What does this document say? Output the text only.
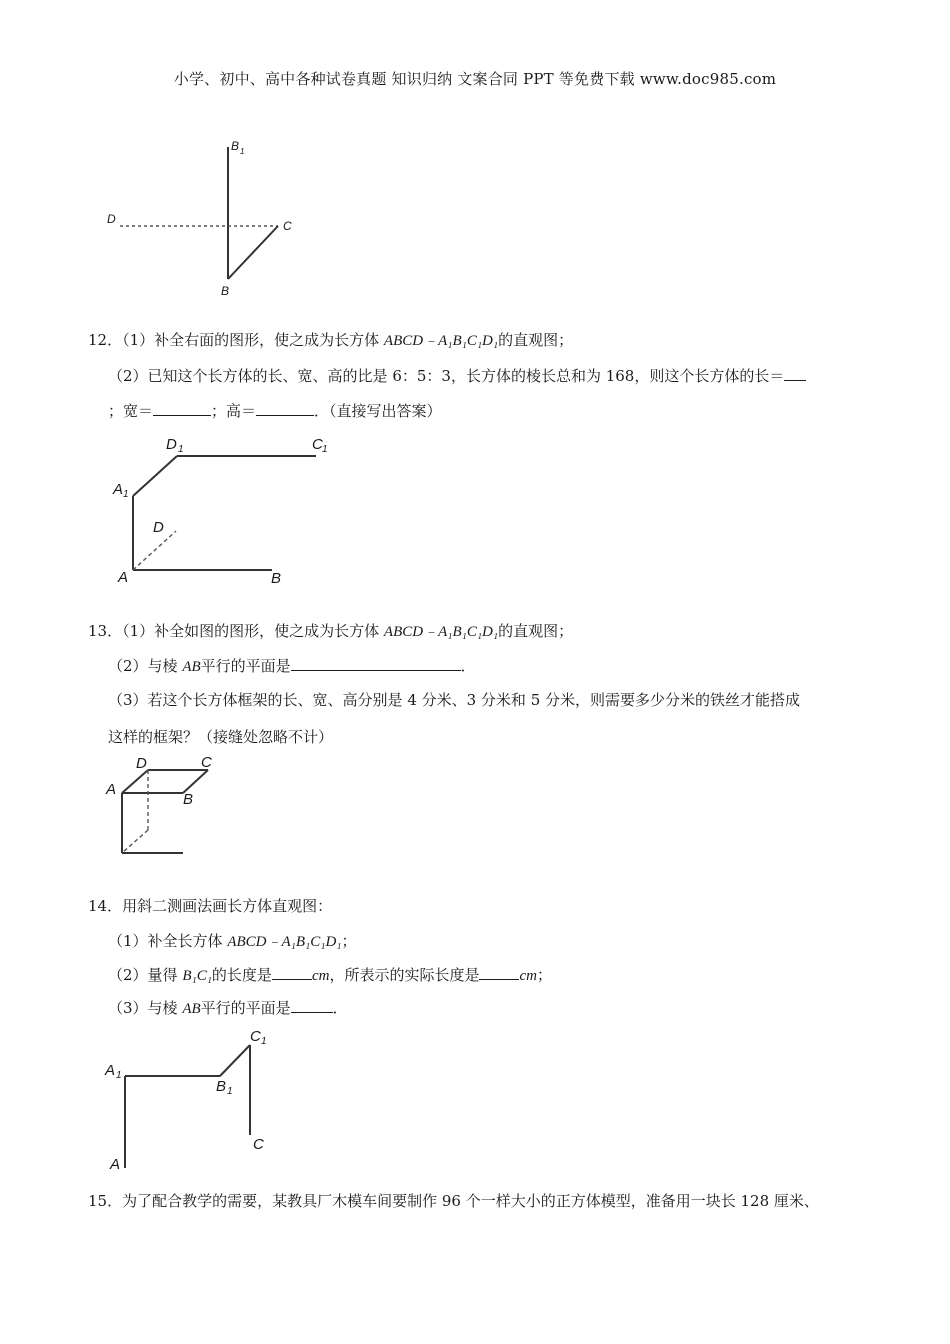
小学、初中、高中各种试卷真题 知识归纳 文案合同 PPT 等免费下载 www.doc985.com
B 1
D	C
B
12．（1）补全右面的图形，使之成为长方体 ABCD﹣A₁B₁C₁D₁的直观图；
（2）已知这个长方体的长、宽、高的比是 6：5：3，长方体的棱长总和为 168，则这个长方体的长＝
；宽＝	；高＝	．（直接写出答案）
D 1	C 1
A 1
D
A	B
13．（1）补全如图的图形，使之成为长方体 ABCD﹣A₁B₁C₁D₁的直观图；
（2）与棱 AB平行的平面是	．
（3）若这个长方体框架的长、宽、高分别是 4 分米、3 分米和 5 分米，则需要多少分米的铁丝才能搭成
这样的框架？（接缝处忽略不计）
D	C
A
B
14．用斜二测画法画长方体直观图：
（1）补全长方体 ABCD﹣A₁B₁C₁D₁；
（2）量得 B₁C₁的长度是	cm，所表示的实际长度是	cm；
（3）与棱 AB平行的平面是	．
C 1
A 1
B 1
C
A
15．为了配合教学的需要，某教具厂木模车间要制作 96 个一样大小的正方体模型，准备用一块长 128 厘米、
